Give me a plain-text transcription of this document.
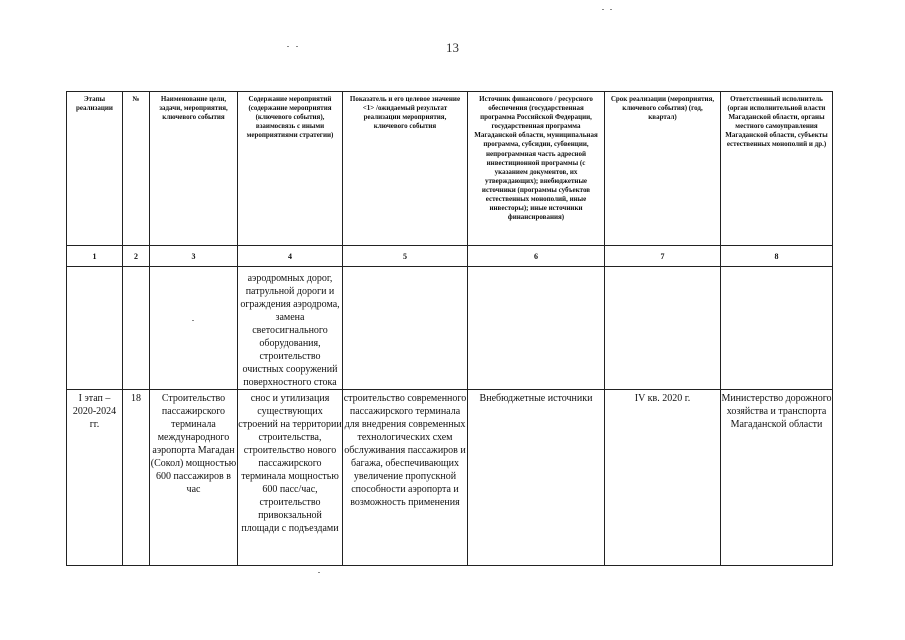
13
Этапы реализации	№	Наименование цели, задачи, мероприятия, ключевого события	Содержание мероприятий (содержание мероприятия (ключевого события), взаимосвязь с иными мероприятиями стратегии)	Показатель и его целевое значение <1> /ожидаемый результат реализации мероприятия, ключевого события	Источник финансового / ресурсного обеспечения (государственная программа Российской Федерации, государственная программа Магаданской области, муниципальная программа, субсидии, субвенции, непрограммная часть адресной инвестиционной программы (с указанием документов, их утверждающих); внебюджетные источники (программы субъектов естественных монополий, иные инвесторы); иные источники финансирования)	Срок реализации (мероприятия, ключевого события) (год, квартал)	Ответственный исполнитель (орган исполнительной власти Магаданской области, органы местного самоуправления Магаданской области, субъекты естественных монополий и др.)
1	2	3	4	5	6	7	8
			аэродромных дорог, патрульной дороги и ограждения аэродрома, замена светосигнального оборудования, строительство очистных сооружений поверхностного стока				
I этап – 2020-2024 гг.	18	Строительство пассажирского терминала международного аэропорта Магадан (Сокол) мощностью 600 пассажиров в час	снос и утилизация существующих строений на территории строительства, строительство нового пассажирского терминала мощностью 600 пасс/час, строительство привокзальной площади с подъездами	строительство современного пассажирского терминала для внедрения современных технологических схем обслуживания пассажиров и багажа, обеспечивающих увеличение пропускной способности аэропорта и возможность применения	Внебюджетные источники	IV кв. 2020 г.	Министерство дорожного хозяйства и транспорта Магаданской области
